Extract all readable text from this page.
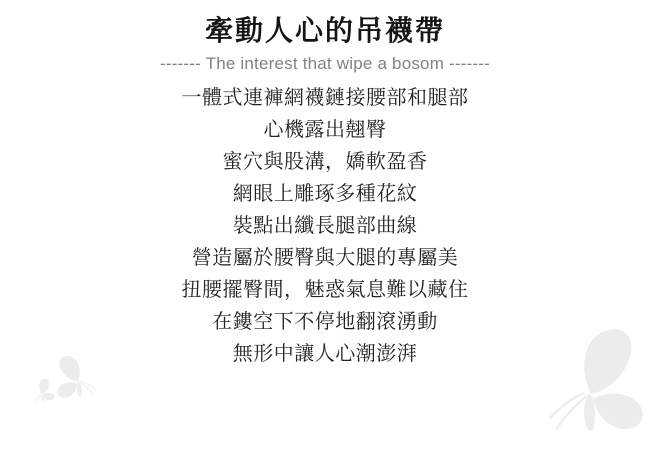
牽動人心的吊襪帶
------- The interest that wipe a bosom -------
一體式連褲網襪鏈接腰部和腿部
心機露出翹臀
蜜穴與股溝，嬌軟盈香
網眼上雕琢多種花紋
裝點出纖長腿部曲線
營造屬於腰臀與大腿的專屬美
扭腰擺臀間，魅惑氣息難以藏住
在鏤空下不停地翻滾湧動
無形中讓人心潮澎湃
